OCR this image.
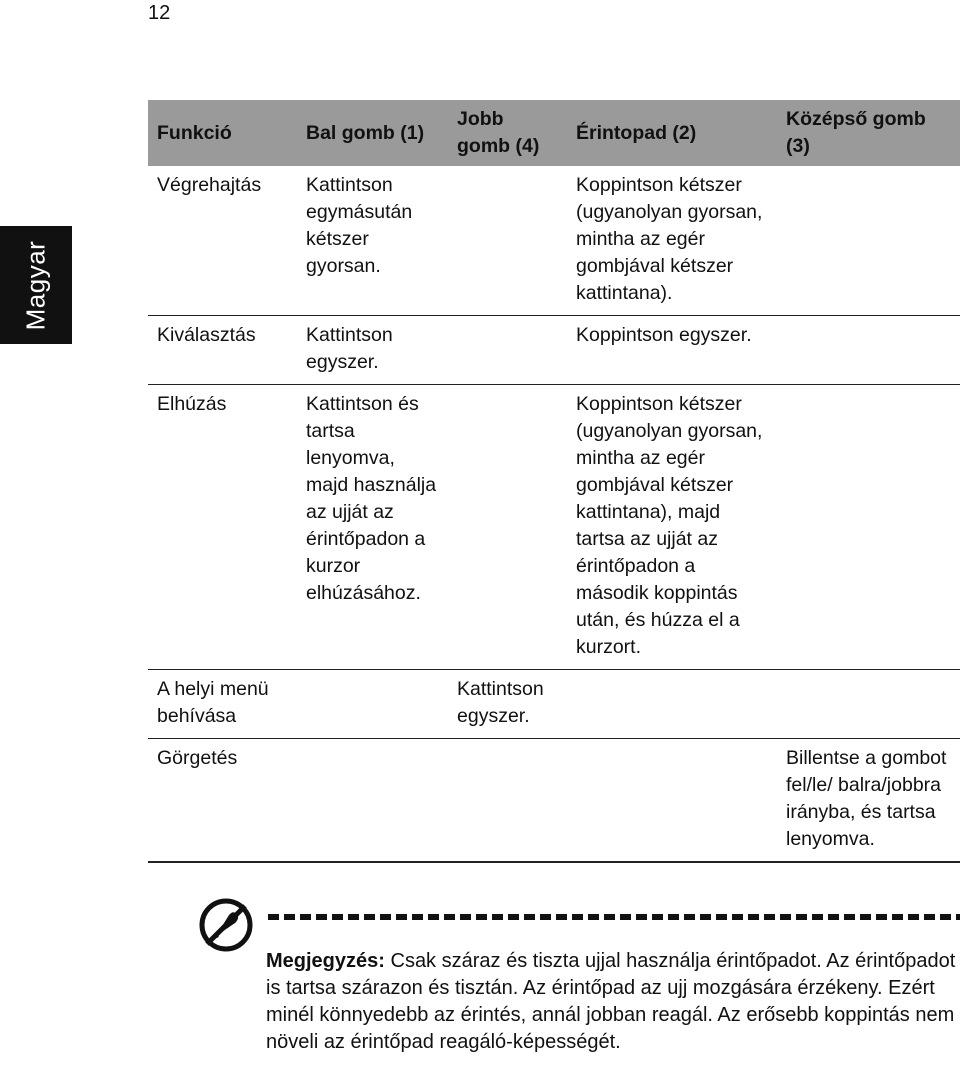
12
Magyar
Funkció	Bal gomb (1)	Jobb gomb (4)	Érintopad (2)	Középső gomb (3)
Végrehajtás	Kattintson egymásután kétszer gyorsan.		Koppintson kétszer (ugyanolyan gyorsan, mintha az egér gombjával kétszer kattintana).	
Kiválasztás	Kattintson egyszer.		Koppintson egyszer.	
Elhúzás	Kattintson és tartsa lenyomva, majd használja az ujját az érintőpadon a kurzor elhúzásához.		Koppintson kétszer (ugyanolyan gyorsan, mintha az egér gombjával kétszer kattintana), majd tartsa az ujját az érintőpadon a második koppintás után, és húzza el a kurzort.	
A helyi menü behívása		Kattintson egyszer.		
Görgetés				Billentse a gombot fel/le/ balra/jobbra irányba, és tartsa lenyomva.
Megjegyzés: Csak száraz és tiszta ujjal használja érintőpadot. Az érintőpadot is tartsa szárazon és tisztán. Az érintőpad az ujj mozgására érzékeny. Ezért minél könnyedebb az érintés, annál jobban reagál. Az erősebb koppintás nem növeli az érintőpad reagáló-képességét.
